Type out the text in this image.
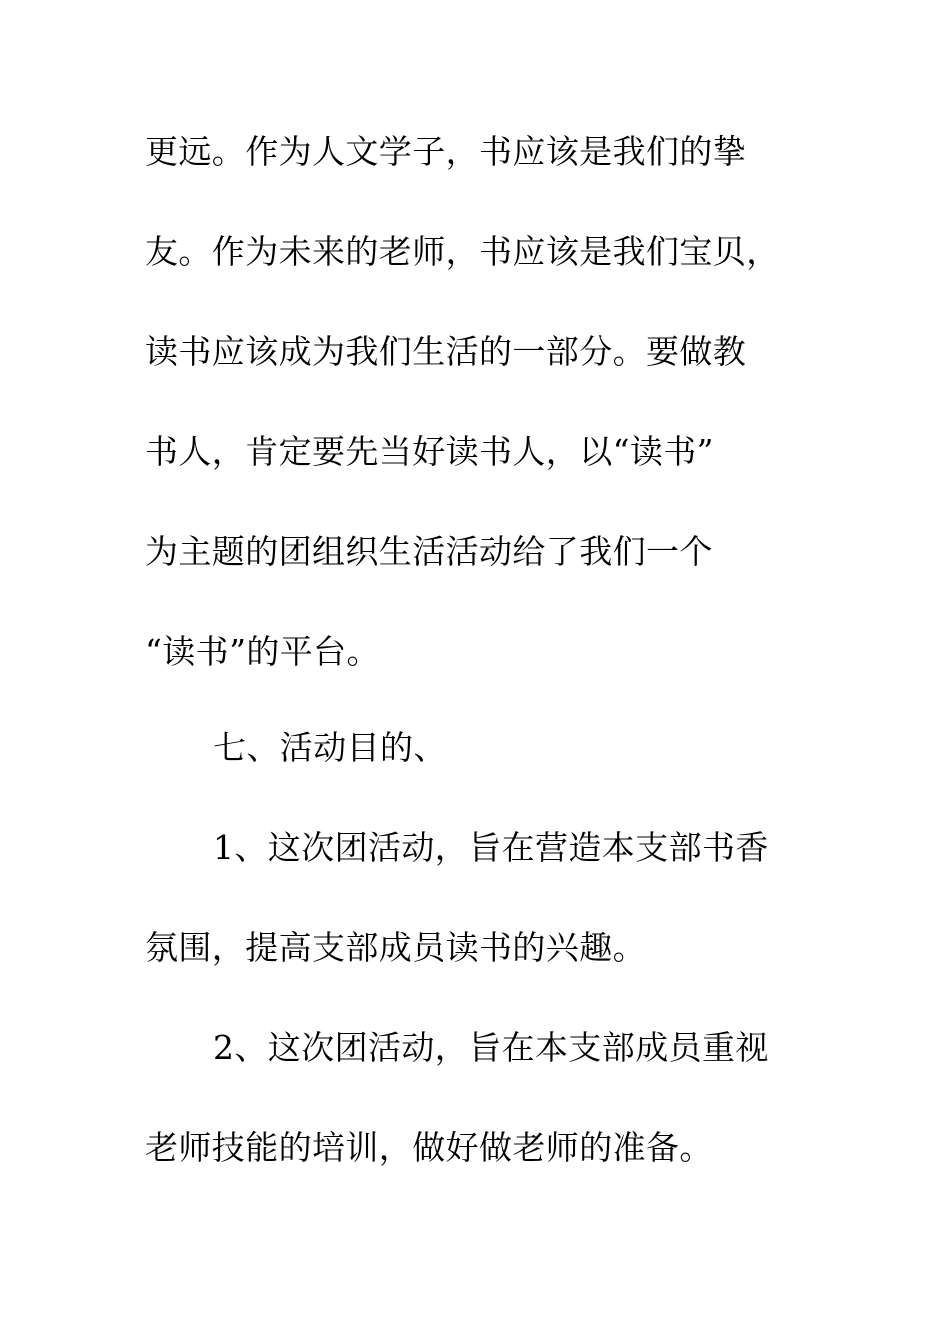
更远。作为人文学子，书应该是我们的挚
友。作为未来的老师，书应该是我们宝贝，
读书应该成为我们生活的一部分。要做教
书人，肯定要先当好读书人，以“读书”
为主题的团组织生活活动给了我们一个
“读书”的平台。
七、活动目的、
1、这次团活动，旨在营造本支部书香
氛围，提高支部成员读书的兴趣。
2、这次团活动，旨在本支部成员重视
老师技能的培训，做好做老师的准备。
